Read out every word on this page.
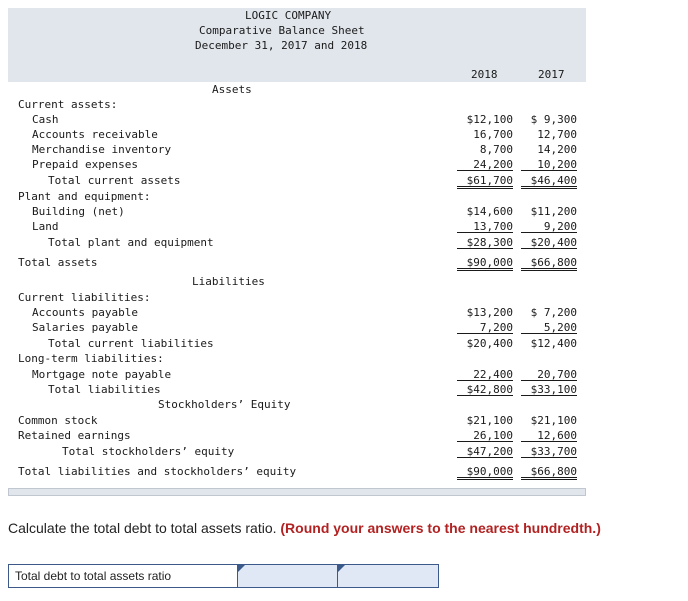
LOGIC COMPANY
Comparative Balance Sheet
December 31, 2017 and 2018
2018	2017
Assets
Current assets:
Cash	$12,100	$ 9,300
Accounts receivable	16,700	12,700
Merchandise inventory	8,700	14,200
Prepaid expenses	24,200	10,200
Total current assets	$61,700	$46,400
Plant and equipment:
Building (net)	$14,600	$11,200
Land	13,700	9,200
Total plant and equipment	$28,300	$20,400
Total assets	$90,000	$66,800
Liabilities
Current liabilities:
Accounts payable	$13,200	$ 7,200
Salaries payable	7,200	5,200
Total current liabilities	$20,400	$12,400
Long-term liabilities:
Mortgage note payable	22,400	20,700
Total liabilities	$42,800	$33,100
Stockholders’ Equity
Common stock	$21,100	$21,100
Retained earnings	26,100	12,600
Total stockholders’ equity	$47,200	$33,700
Total liabilities and stockholders’ equity	$90,000	$66,800
Calculate the total debt to total assets ratio. (Round your answers to the nearest hundredth.)
Total debt to total assets ratio
